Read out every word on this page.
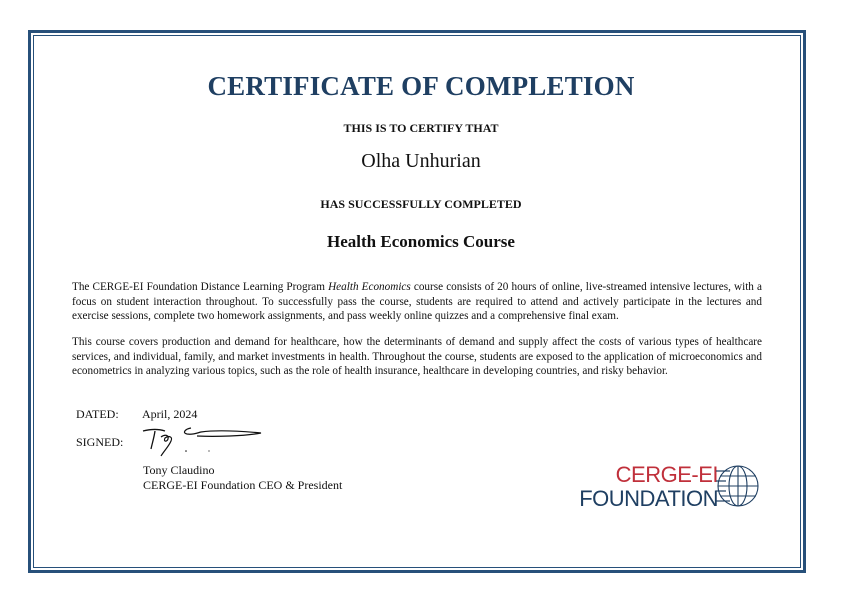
CERTIFICATE OF COMPLETION
THIS IS TO CERTIFY THAT
Olha Unhurian
HAS SUCCESSFULLY COMPLETED
Health Economics Course
The CERGE-EI Foundation Distance Learning Program Health Economics course consists of 20 hours of online, live-streamed intensive lectures, with a focus on student interaction throughout. To successfully pass the course, students are required to attend and actively participate in the lectures and exercise sessions, complete two homework assignments, and pass weekly online quizzes and a comprehensive final exam.
This course covers production and demand for healthcare, how the determinants of demand and supply affect the costs of various types of healthcare services, and individual, family, and market investments in health. Throughout the course, students are exposed to the application of microeconomics and econometrics in analyzing various topics, such as the role of health insurance, healthcare in developing countries, and risky behavior.
DATED: April, 2024
SIGNED:
Tony Claudino
CERGE-EI Foundation CEO & President	CERGE-EI
FOUNDATION
